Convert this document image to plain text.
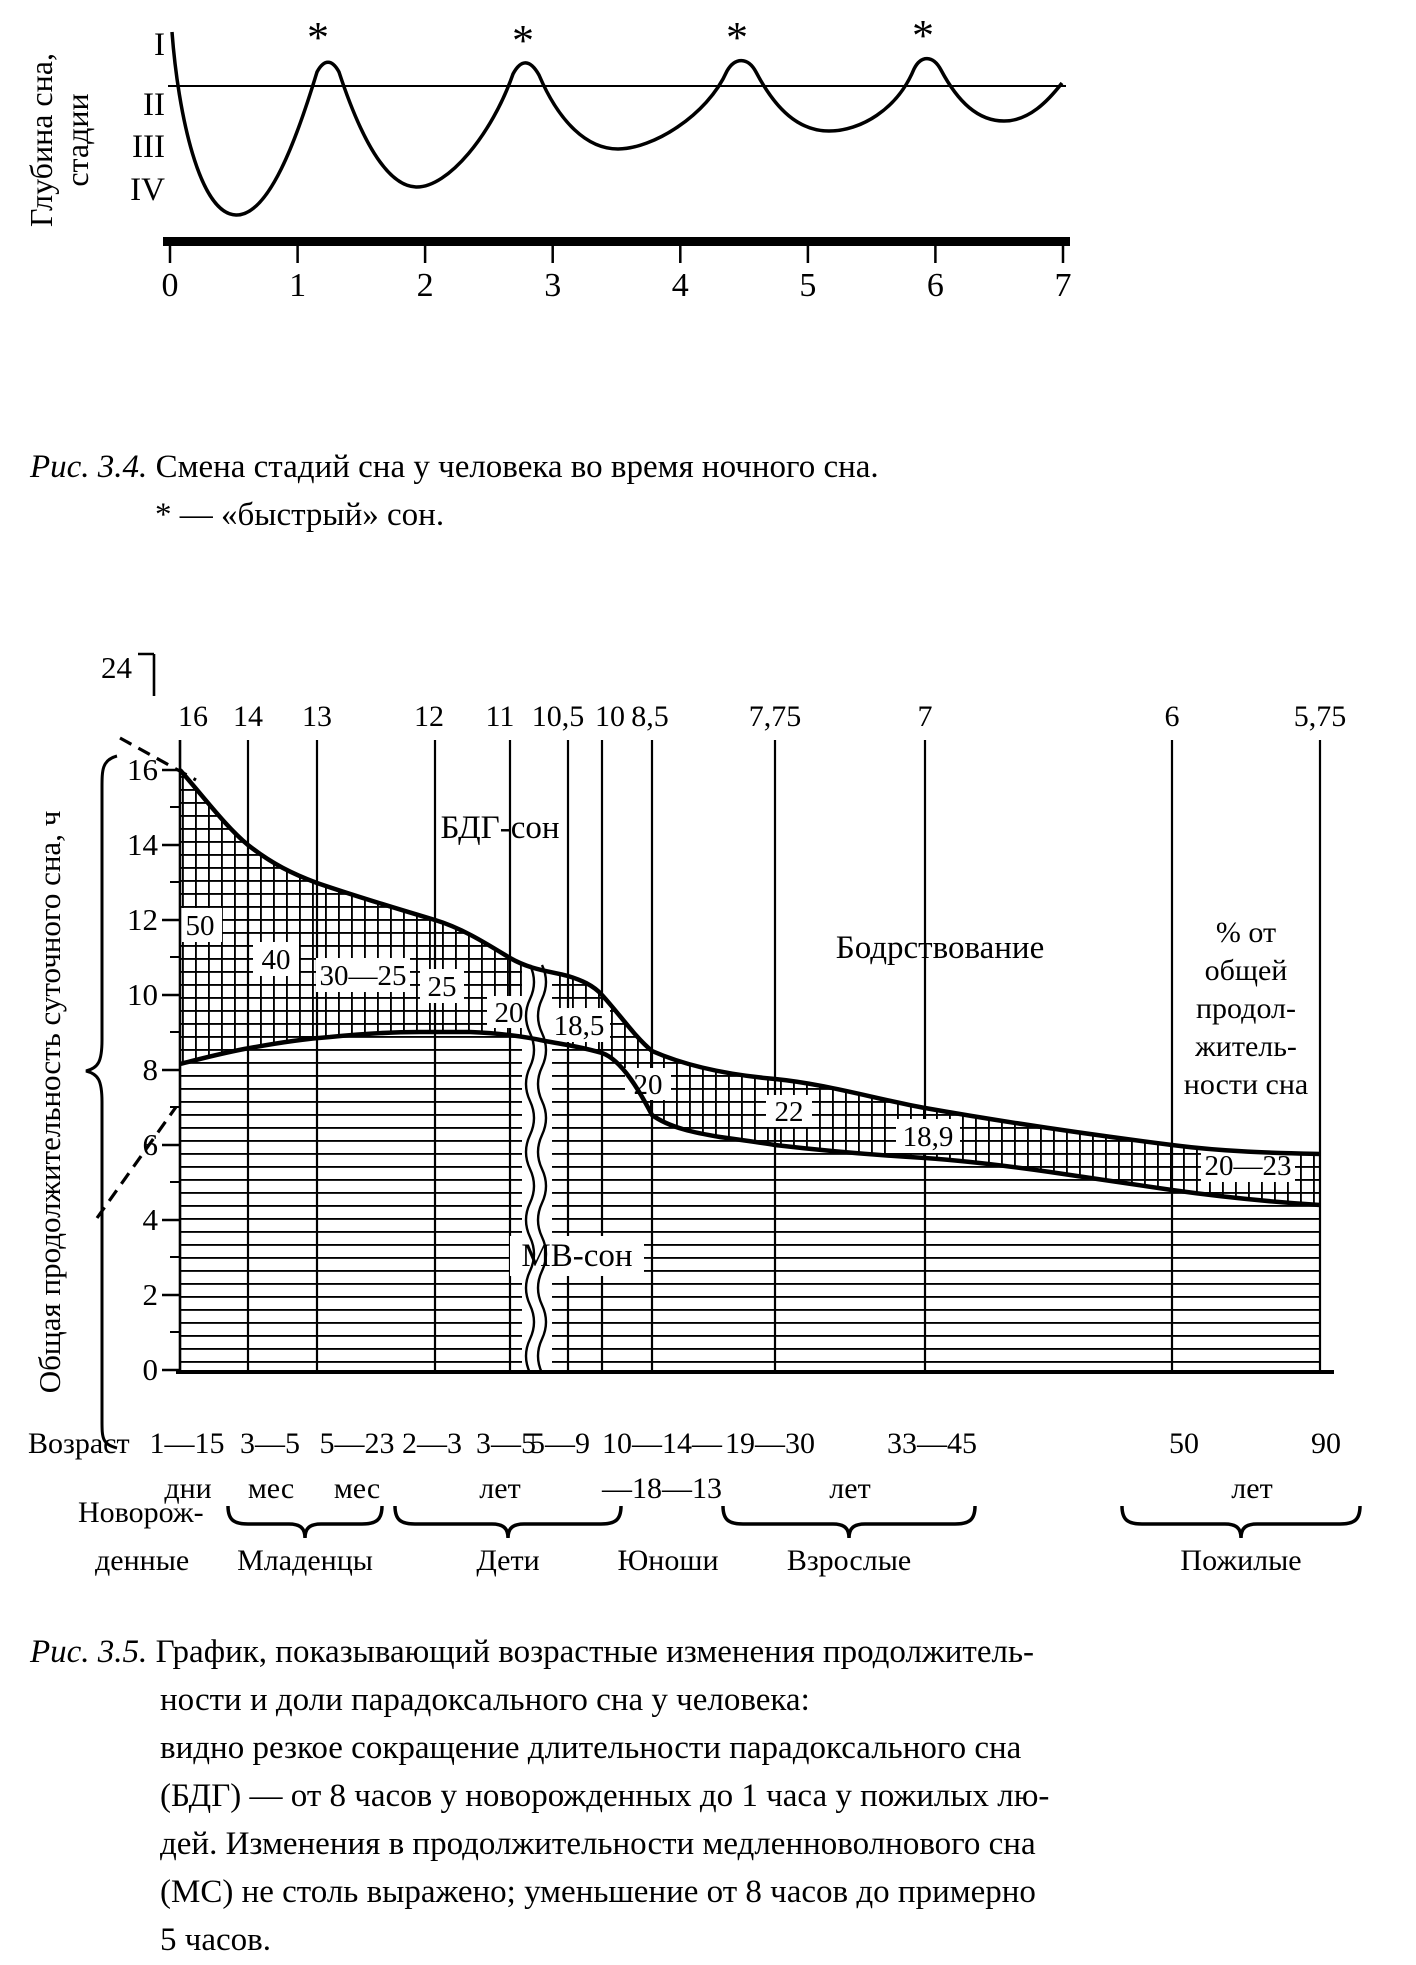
Глубина сна, стадии
I
II
III
IV
*	*	*	*
0	1	2	3	4	5	6	7
Рис. 3.4. Смена стадий сна у человека во время ночного сна.
* — «быстрый» сон.
Общая продолжительность суточного сна, ч
24
16
14
12
10
8
6
4
2
0
16 14 13	12 11 10,5 10 8,5	7,75	7	6	5,75
БДГ-сон
МВ-сон
Бодрствование
50
40 30—25 25
20 18,5
20
22
18,9
20—23
% от
общей
продол-
житель-
ности сна
Возраст 1—15 3—5 5—23 2—3 3—5
5—9 10—14— 19—30 33—45	50	90
дни мес мес	лет	—18—13	лет	лет
Новорож-
денные Младенцы	Дети	Юноши Взрослые	Пожилые
Рис. 3.5. График, показывающий возрастные изменения продолжитель-
ности и доли парадоксального сна у человека:
видно резкое сокращение длительности парадоксального сна
(БДГ) — от 8 часов у новорожденных до 1 часа у пожилых лю-
дей. Изменения в продолжительности медленноволнового сна
(МС) не столь выражено; уменьшение от 8 часов до примерно
5 часов.
